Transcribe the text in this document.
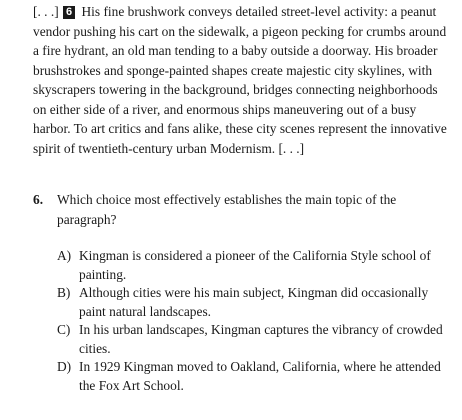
[. . .] 6 His fine brushwork conveys detailed street-level activity: a peanut vendor pushing his cart on the sidewalk, a pigeon pecking for crumbs around a fire hydrant, an old man tending to a baby outside a doorway. His broader brushstrokes and sponge-painted shapes create majestic city skylines, with skyscrapers towering in the background, bridges connecting neighborhoods on either side of a river, and enormous ships maneuvering out of a busy harbor. To art critics and fans alike, these city scenes represent the innovative spirit of twentieth-century urban Modernism. [. . .]

6. Which choice most effectively establishes the main topic of the paragraph?
A) Kingman is considered a pioneer of the California Style school of painting.
B) Although cities were his main subject, Kingman did occasionally paint natural landscapes.
C) In his urban landscapes, Kingman captures the vibrancy of crowded cities.
D) In 1929 Kingman moved to Oakland, California, where he attended the Fox Art School.
